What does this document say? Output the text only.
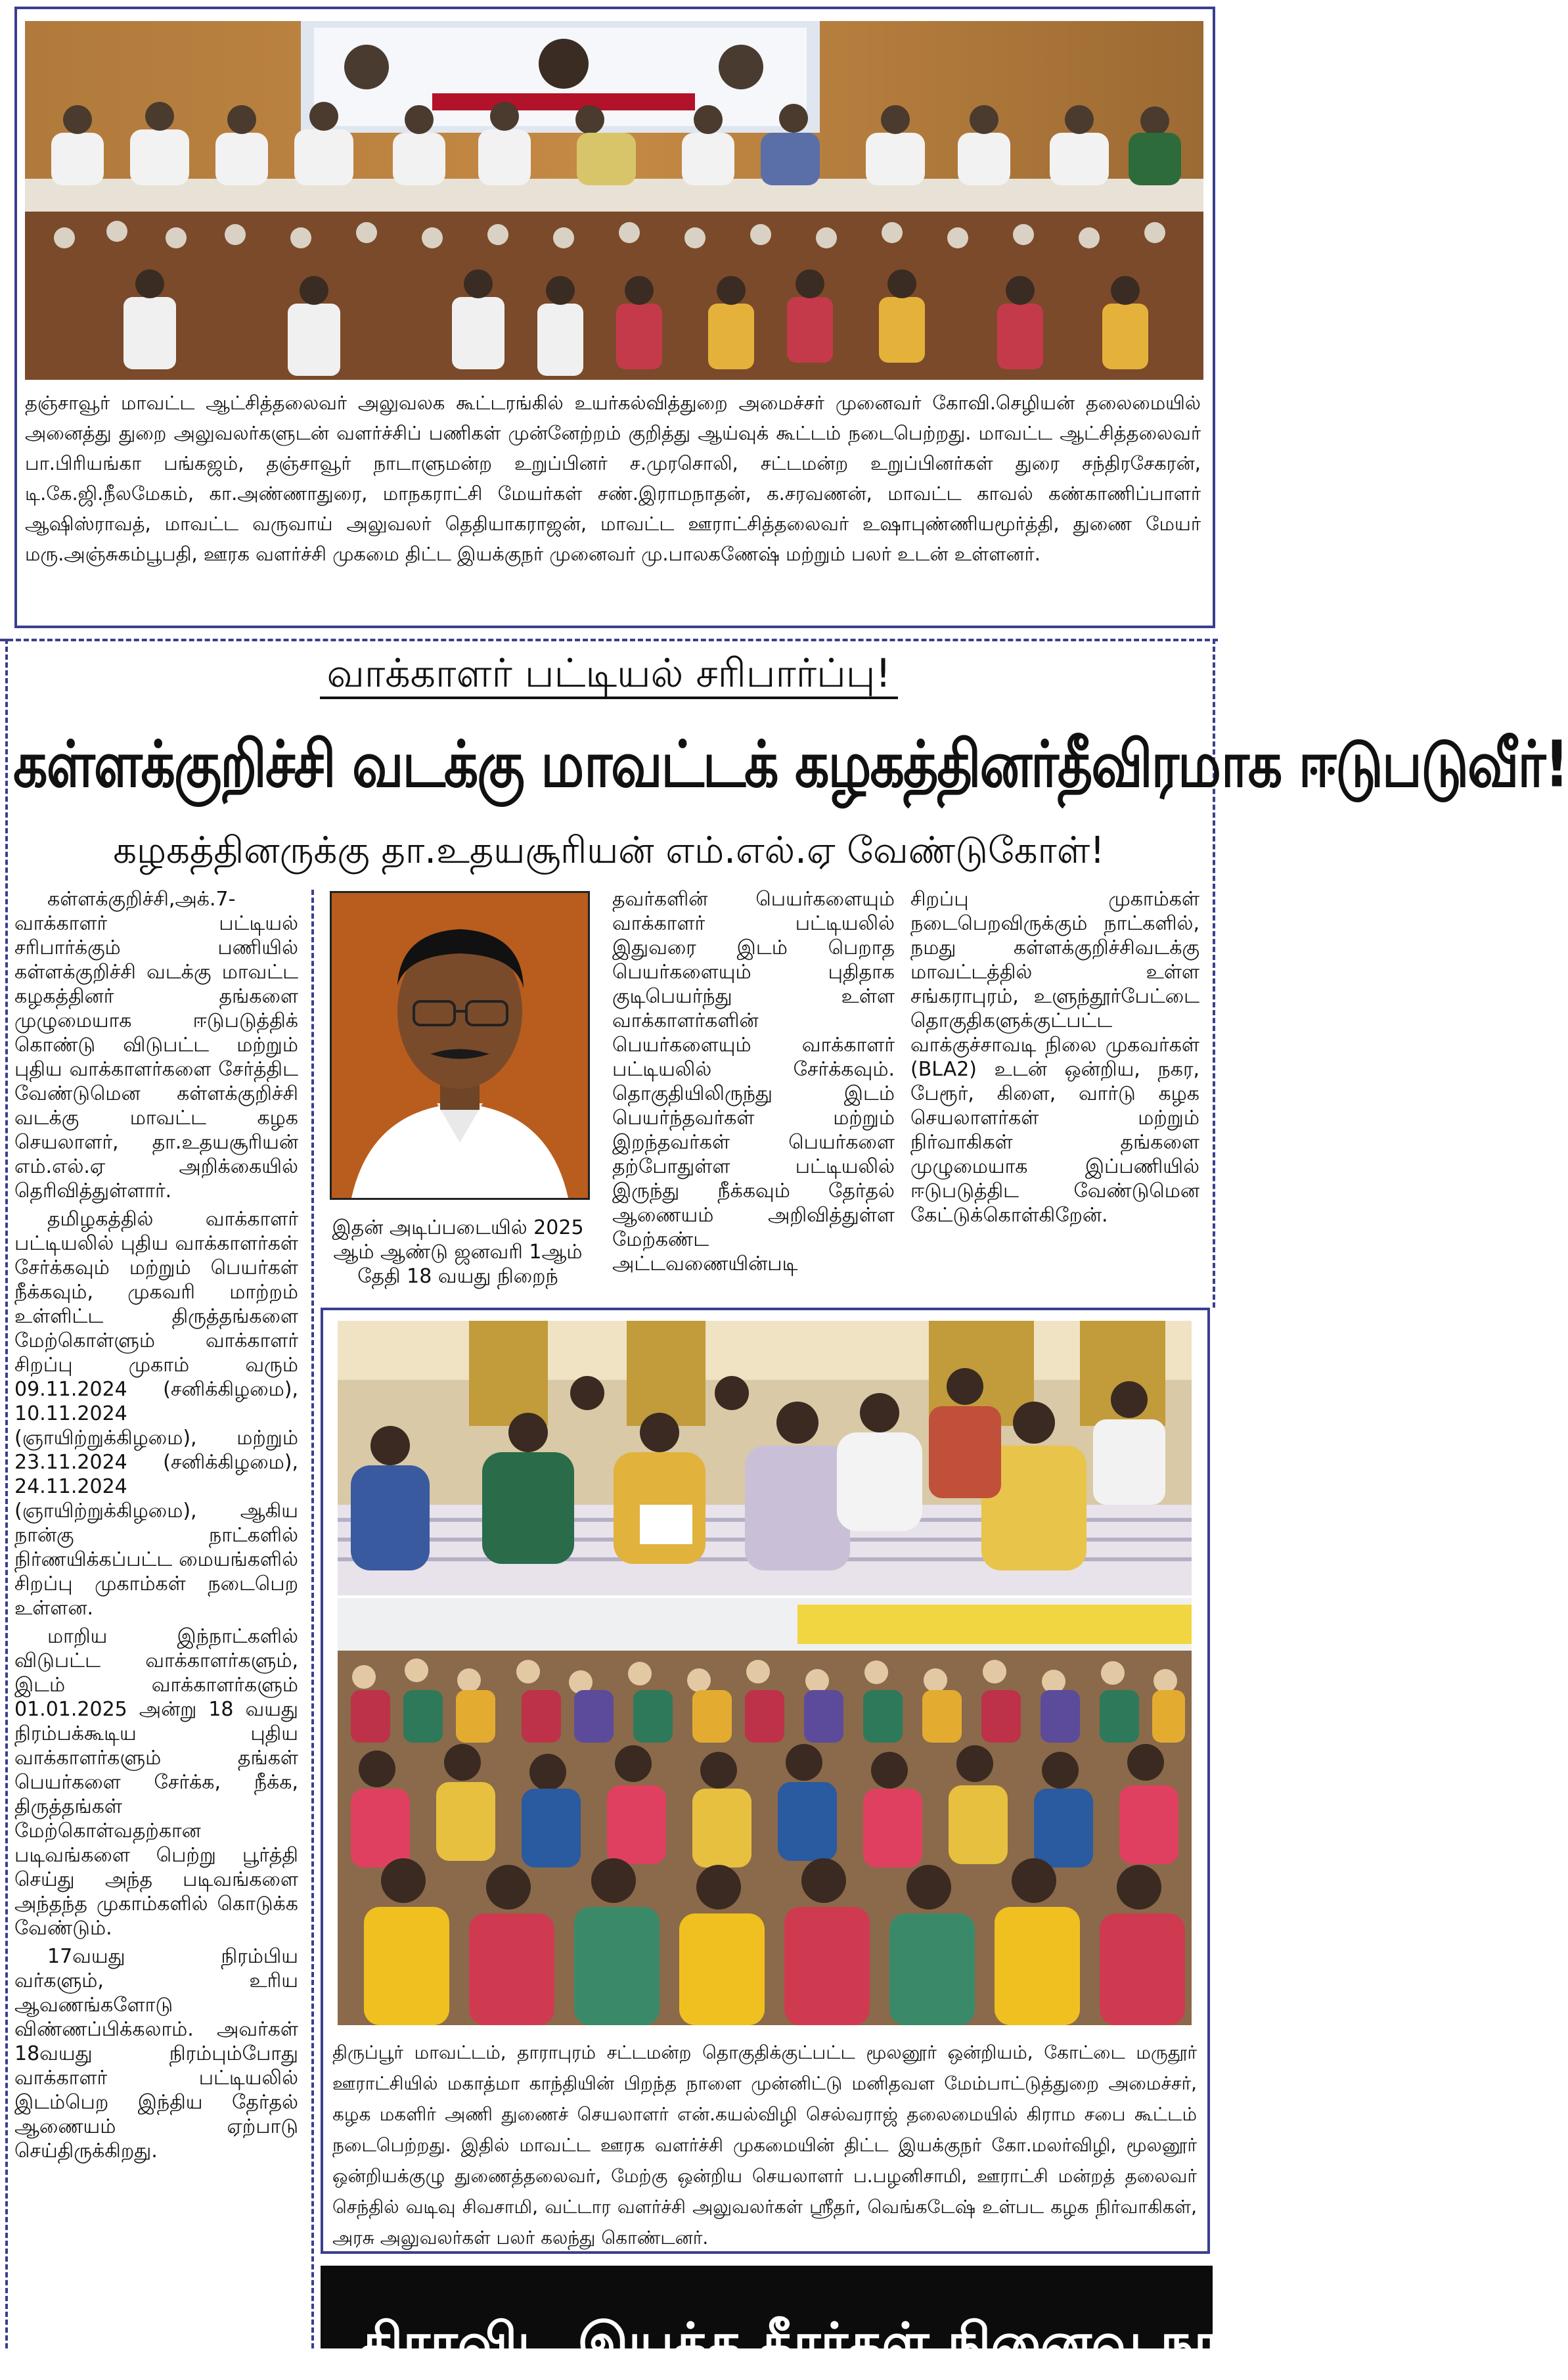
தஞ்சாவூர் மாவட்ட ஆட்சித்தலைவர் அலுவலக கூட்டரங்கில் உயர்கல்வித்துறை அமைச்சர் முனைவர் கோவி.செழியன் தலைமையில் அனைத்து துறை அலுவலர்களுடன் வளர்ச்சிப் பணிகள் முன்னேற்றம் குறித்து ஆய்வுக் கூட்டம் நடைபெற்றது. மாவட்ட ஆட்சித்தலைவர் பா.பிரியங்கா பங்கஜம், தஞ்சாவூர் நாடாளுமன்ற உறுப்பினர் ச.முரசொலி, சட்டமன்ற உறுப்பினர்கள் துரை சந்திரசேகரன், டி.கே.ஜி.நீலமேகம், கா.அண்ணாதுரை, மாநகராட்சி மேயர்கள் சண்.இராமநாதன், க.சரவணன், மாவட்ட காவல் கண்காணிப்பாளர் ஆஷிஸ்ராவத், மாவட்ட வருவாய் அலுவலர் தெதியாகராஜன், மாவட்ட ஊராட்சித்தலைவர் உஷாபுண்ணியமூர்த்தி, துணை மேயர் மரு.அஞ்சுகம்பூபதி, ஊரக வளர்ச்சி முகமை திட்ட இயக்குநர் முனைவர் மு.பாலகணேஷ் மற்றும் பலர் உடன் உள்ளனர்.
வாக்காளர் பட்டியல் சரிபார்ப்பு!
கள்ளக்குறிச்சி வடக்கு மாவட்டக் கழகத்தினர்தீவிரமாக ஈடுபடுவீர்!
கழகத்தினருக்கு தா.உதயசூரியன் எம்.எல்.ஏ வேண்டுகோள்!

கள்ளக்குறிச்சி,அக்.7- வாக்காளர் பட்டியல் சரிபார்க்கும் பணியில் கள்ளக்குறிச்சி வடக்கு மாவட்ட கழகத்தினர் தங்களை முழுமையாக ஈடுபடுத்திக் கொண்டு விடுபட்ட மற்றும் புதிய வாக்காளர்களை சேர்த்திட வேண்டுமென கள்ளக்குறிச்சி வடக்கு மாவட்ட கழக செயலாளர், தா.உதயசூரியன் எம்.எல்.ஏ அறிக்கையில் தெரிவித்துள்ளார்.

தமிழகத்தில் வாக்காளர் பட்டியலில் புதிய வாக்காளர்கள் சேர்க்கவும் மற்றும் பெயர்கள் நீக்கவும், முகவரி மாற்றம் உள்ளிட்ட திருத்தங்களை மேற்கொள்ளும் வாக்காளர் சிறப்பு முகாம் வரும் 09.11.2024 (சனிக்கிழமை), 10.11.2024 (ஞாயிற்றுக்கிழமை), மற்றும் 23.11.2024 (சனிக்கிழமை), 24.11.2024 (ஞாயிற்றுக்கிழமை), ஆகிய நான்கு நாட்களில் நிர்ணயிக்கப்பட்ட மையங்களில் சிறப்பு முகாம்கள் நடைபெற உள்ளன.

மாறிய இந்நாட்களில் விடுபட்ட வாக்காளர்களும், இடம் வாக்காளர்களும் 01.01.2025 அன்று 18 வயது நிரம்பக்கூடிய புதிய வாக்காளர்களும் தங்கள் பெயர்களை சேர்க்க, நீக்க, திருத்தங்கள் மேற்கொள்வதற்கான படிவங்களை பெற்று பூர்த்தி செய்து அந்த படிவங்களை அந்தந்த முகாம்களில் கொடுக்க வேண்டும்.

17வயது நிரம்பிய வர்களும், உரிய ஆவணங்களோடு விண்ணப்பிக்கலாம். அவர்கள் 18வயது நிரம்பும்போது வாக்காளர் பட்டியலில் இடம்பெற இந்திய தேர்தல் ஆணையம் ஏற்பாடு செய்திருக்கிறது.

இதன் அடிப்படையில் 2025 ஆம் ஆண்டு ஜனவரி 1ஆம் தேதி 18 வயது நிறைந்
தவர்களின் பெயர்களையும் வாக்காளர் பட்டியலில் இதுவரை இடம் பெறாத பெயர்களையும் புதிதாக குடிபெயர்ந்து உள்ள வாக்காளர்களின் பெயர்களையும் வாக்காளர் பட்டியலில் சேர்க்கவும். தொகுதியிலிருந்து இடம் பெயர்ந்தவர்கள் மற்றும் இறந்தவர்கள் பெயர்களை தற்போதுள்ள பட்டியலில் இருந்து நீக்கவும் தேர்தல் ஆணையம் அறிவித்துள்ள மேற்கண்ட அட்டவணையின்படி
சிறப்பு முகாம்கள் நடைபெறவிருக்கும் நாட்களில், நமது கள்ளக்குறிச்சிவடக்கு மாவட்டத்தில் உள்ள சங்கராபுரம், உளுந்தூர்பேட்டை தொகுதிகளுக்குட்பட்ட வாக்குச்சாவடி நிலை முகவர்கள் (BLA2) உடன் ஒன்றிய, நகர, பேரூர், கிளை, வார்டு கழக செயலாளர்கள் மற்றும் நிர்வாகிகள் தங்களை முழுமையாக இப்பணியில் ஈடுபடுத்திட வேண்டுமென கேட்டுக்கொள்கிறேன்.
திருப்பூர் மாவட்டம், தாராபுரம் சட்டமன்ற தொகுதிக்குட்பட்ட மூலனூர் ஒன்றியம், கோட்டை மருதூர் ஊராட்சியில் மகாத்மா காந்தியின் பிறந்த நாளை முன்னிட்டு மனிதவள மேம்பாட்டுத்துறை அமைச்சர், கழக மகளிர் அணி துணைச் செயலாளர் என்.கயல்விழி செல்வராஜ் தலைமையில் கிராம சபை கூட்டம் நடைபெற்றது. இதில் மாவட்ட ஊரக வளர்ச்சி முகமையின் திட்ட இயக்குநர் கோ.மலர்விழி, மூலனூர் ஒன்றியக்குழு துணைத்தலைவர், மேற்கு ஒன்றிய செயலாளர் ப.பழனிசாமி, ஊராட்சி மன்றத் தலைவர் செந்தில் வடிவு சிவசாமி, வட்டார வளர்ச்சி அலுவலர்கள் ஸ்ரீதர், வெங்கடேஷ் உள்பட கழக நிர்வாகிகள், அரசு அலுவலர்கள் பலர் கலந்து கொண்டனர்.
திராவிட இயக்க தீரர்கள் நினைவு நாள்
